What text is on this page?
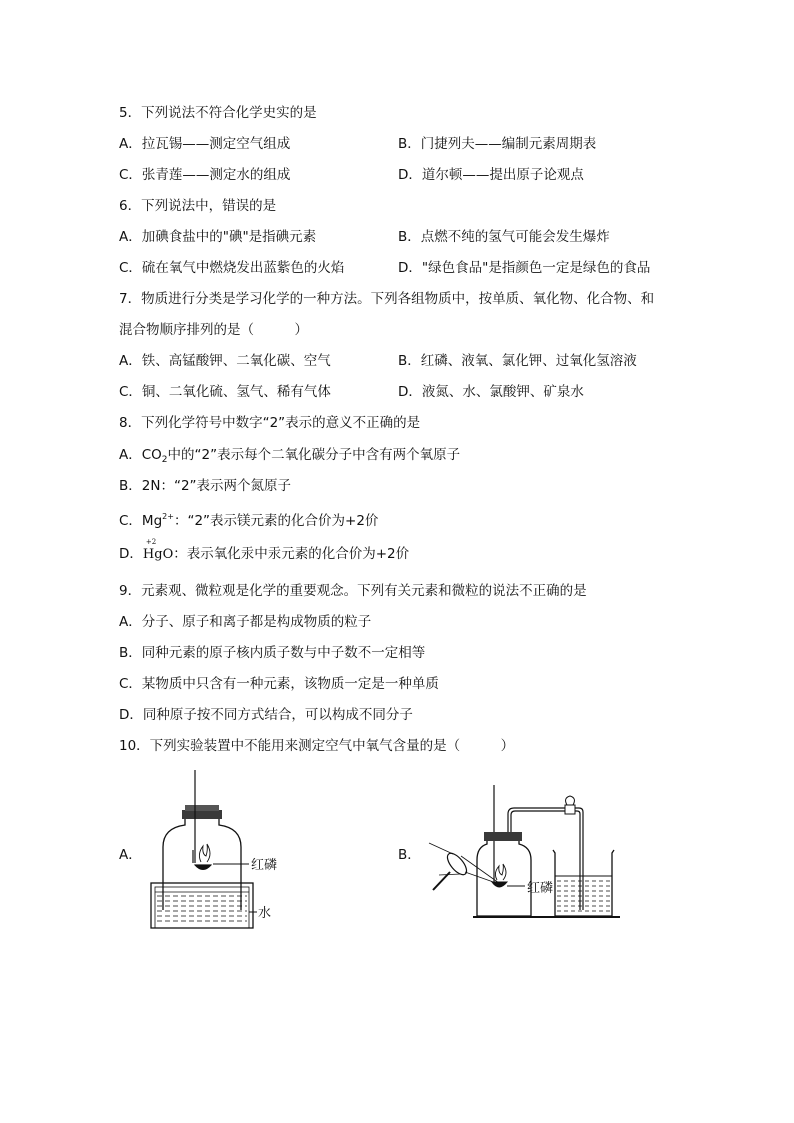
5．下列说法不符合化学史实的是
A．拉瓦锡——测定空气组成	B．门捷列夫——编制元素周期表
C．张青莲——测定水的组成	D．道尔顿——提出原子论观点
6．下列说法中，错误的是
A．加碘食盐中的"碘"是指碘元素	B．点燃不纯的氢气可能会发生爆炸
C．硫在氧气中燃烧发出蓝紫色的火焰	D．"绿色食品"是指颜色一定是绿色的食品
7．物质进行分类是学习化学的一种方法。下列各组物质中，按单质、氧化物、化合物、和
混合物顺序排列的是（　　　）
A．铁、高锰酸钾、二氧化碳、空气	B．红磷、液氧、氯化钾、过氧化氢溶液
C．铜、二氧化硫、氢气、稀有气体	D．液氮、水、氯酸钾、矿泉水
8．下列化学符号中数字“2”表示的意义不正确的是
A．$CO_2$中的“2”表示每个二氧化碳分子中含有两个氧原子
B．2N：“2”表示两个氮原子
C．$Mg^{2+}$：“2”表示镁元素的化合价为+2价
D．
+2
HgO：表示氧化汞中汞元素的化合价为+2价
9．元素观、微粒观是化学的重要观念。下列有关元素和微粒的说法不正确的是
A．分子、原子和离子都是构成物质的粒子
B．同种元素的原子核内质子数与中子数不一定相等
C．某物质中只含有一种元素，该物质一定是一种单质
D．同种原子按不同方式结合，可以构成不同分子
10．下列实验装置中不能用来测定空气中氧气含量的是（　　　）
A．
红磷
水
B．
红磷
